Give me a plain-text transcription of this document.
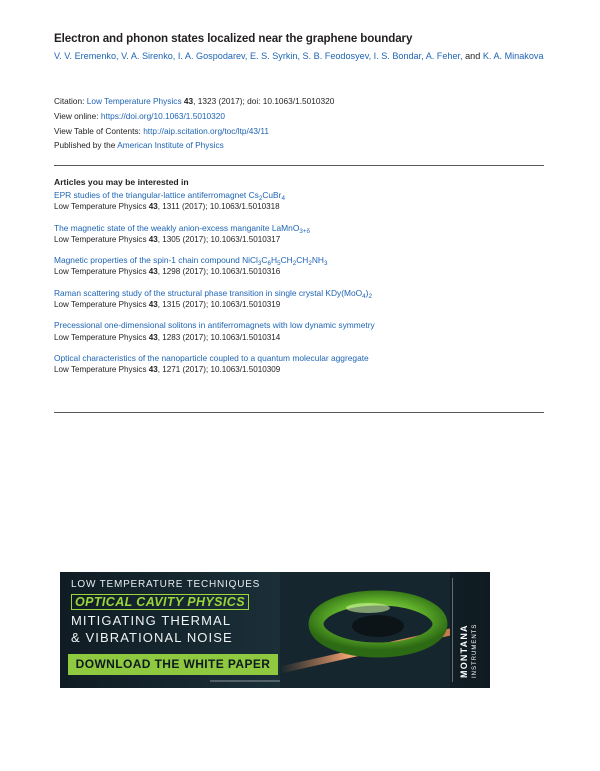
Electron and phonon states localized near the graphene boundary
V. V. Eremenko, V. A. Sirenko, I. A. Gospodarev, E. S. Syrkin, S. B. Feodosyev, I. S. Bondar, A. Feher, and K. A. Minakova
Citation: Low Temperature Physics 43, 1323 (2017); doi: 10.1063/1.5010320
View online: https://doi.org/10.1063/1.5010320
View Table of Contents: http://aip.scitation.org/toc/ltp/43/11
Published by the American Institute of Physics
Articles you may be interested in
EPR studies of the triangular-lattice antiferromagnet $Cs_2CuBr_4$
Low Temperature Physics 43, 1311 (2017); 10.1063/1.5010318
The magnetic state of the weakly anion-excess manganite LaMnO$_{3+\delta}$
Low Temperature Physics 43, 1305 (2017); 10.1063/1.5010317
Magnetic properties of the spin-1 chain compound $NiCl_3C_6H_5CH_2CH_2NH_3$
Low Temperature Physics 43, 1298 (2017); 10.1063/1.5010316
Raman scattering study of the structural phase transition in single crystal $KDy(MoO_4)_2$
Low Temperature Physics 43, 1315 (2017); 10.1063/1.5010319
Precessional one-dimensional solitons in antiferromagnets with low dynamic symmetry
Low Temperature Physics 43, 1283 (2017); 10.1063/1.5010314
Optical characteristics of the nanoparticle coupled to a quantum molecular aggregate
Low Temperature Physics 43, 1271 (2017); 10.1063/1.5010309
LOW TEMPERATURE TECHNIQUES
OPTICAL CAVITY PHYSICS
MITIGATING THERMAL
& VIBRATIONAL NOISE
DOWNLOAD THE WHITE PAPER	MONTANA INSTRUMENTS
